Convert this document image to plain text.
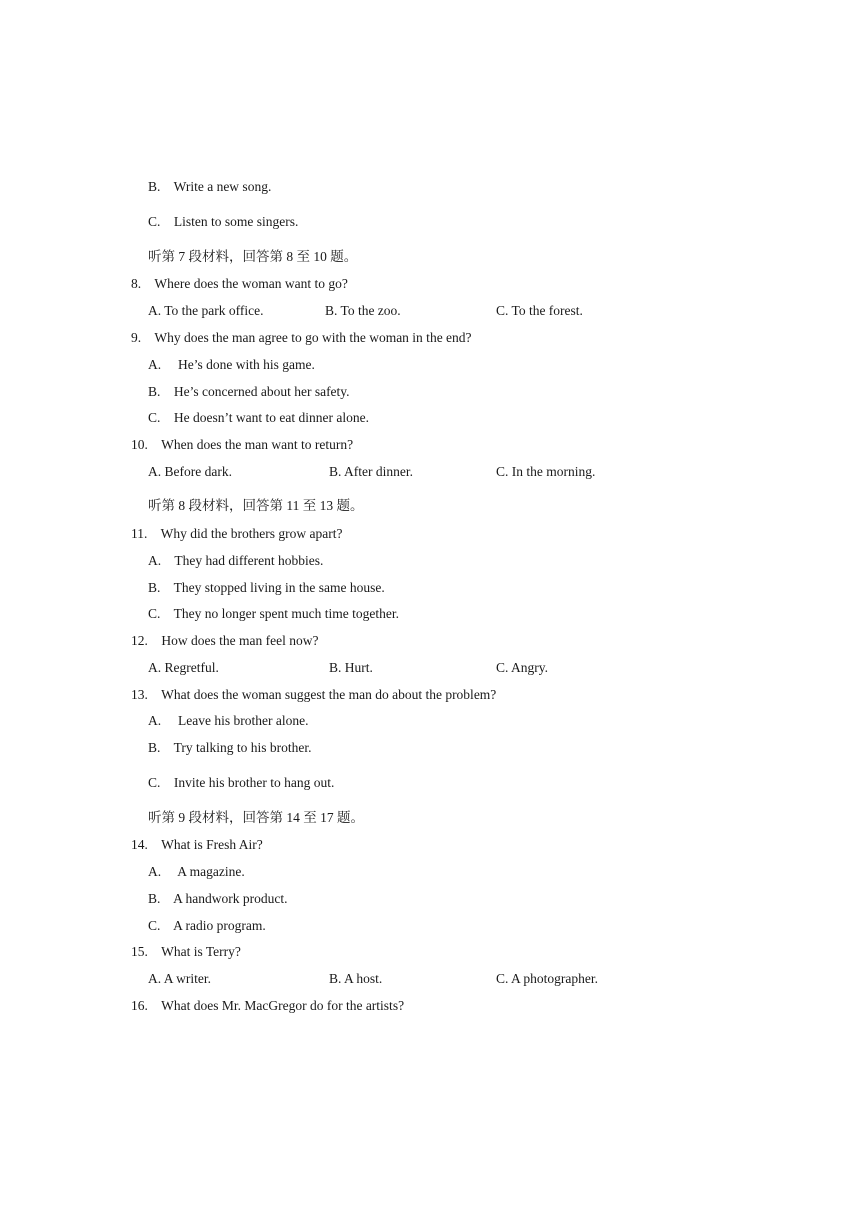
B.    Write a new song.
C.    Listen to some singers.
听第 7 段材料，回答第 8 至 10 题。
8.    Where does the woman want to go?
A. To the park office.	B. To the zoo.	C. To the forest.
9.    Why does the man agree to go with the woman in the end?
A.     He’s done with his game.
B.    He’s concerned about her safety.
C.    He doesn’t want to eat dinner alone.
10.    When does the man want to return?
A. Before dark.	B. After dinner.	C. In the morning.
听第 8 段材料，回答第 11 至 13 题。
11.    Why did the brothers grow apart?
A.    They had different hobbies.
B.    They stopped living in the same house.
C.    They no longer spent much time together.
12.    How does the man feel now?
A. Regretful.	B. Hurt.	C. Angry.
13.    What does the woman suggest the man do about the problem?
A.     Leave his brother alone.
B.    Try talking to his brother.
C.    Invite his brother to hang out.
听第 9 段材料，回答第 14 至 17 题。
14.    What is Fresh Air?
A.     A magazine.
B.    A handwork product.
C.    A radio program.
15.    What is Terry?
A. A writer.	B. A host.	C. A photographer.
16.    What does Mr. MacGregor do for the artists?
